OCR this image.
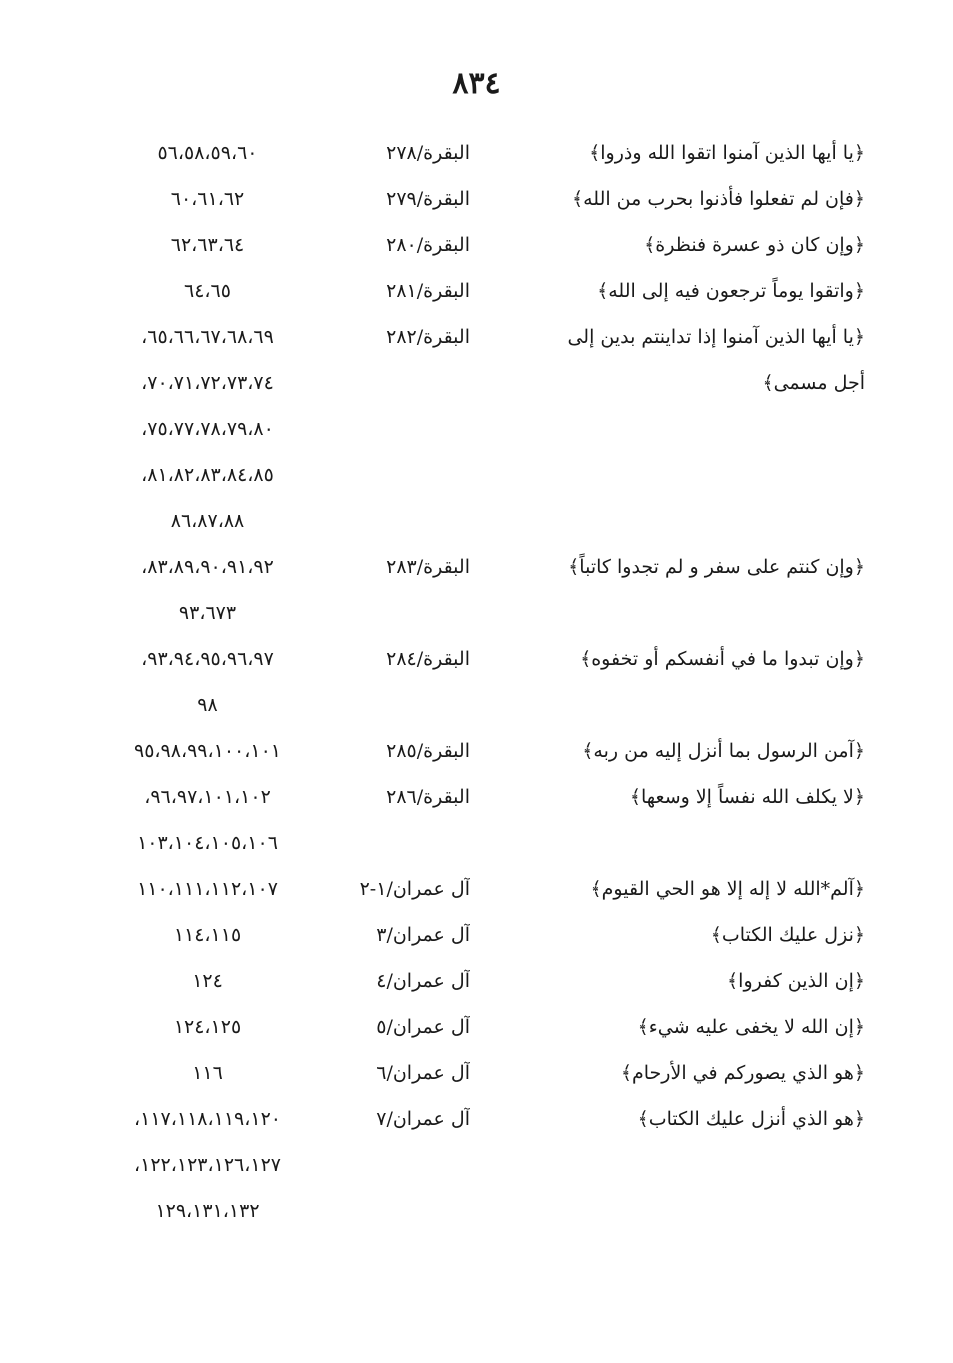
٨٣٤
﴿يا أيها الذين آمنوا اتقوا الله وذروا﴾
البقرة/٢٧٨
٥٦،٥٨،٥٩،٦٠
﴿فإن لم تفعلوا فأذنوا بحرب من الله﴾
البقرة/٢٧٩
٦٠،٦١،٦٢
﴿وإن كان ذو عسرة فنظرة﴾
البقرة/٢٨٠
٦٢،٦٣،٦٤
﴿واتقوا يوماً ترجعون فيه إلى الله﴾
البقرة/٢٨١
٦٤،٦٥
﴿يا أيها الذين آمنوا إذا تداينتم بدين إلى
أجل مسمى﴾
البقرة/٢٨٢
٦٥،٦٦،٦٧،٦٨،٦٩،
٧٠،٧١،٧٢،٧٣،٧٤،
٧٥،٧٧،٧٨،٧٩،٨٠،
٨١،٨٢،٨٣،٨٤،٨٥،
٨٦،٨٧،٨٨
﴿وإن كنتم على سفر و لم تجدوا كاتباً﴾
البقرة/٢٨٣
٨٣،٨٩،٩٠،٩١،٩٢،
٩٣،٦٧٣
﴿وإن تبدوا ما في أنفسكم أو تخفوه﴾
البقرة/٢٨٤
٩٣،٩٤،٩٥،٩٦،٩٧،
٩٨
﴿آمن الرسول بما أنزل إليه من ربه﴾
البقرة/٢٨٥
٩٥،٩٨،٩٩،١٠٠،١٠١
﴿لا يكلف الله نفساً إلا وسعها﴾
البقرة/٢٨٦
٩٦،٩٧،١٠١،١٠٢،
١٠٣،١٠٤،١٠٥،١٠٦
﴿آلم*الله لا إله إلا هو الحي القيوم﴾
آل عمران/١-٢
١١٠،١١١،١١٢،١٠٧
﴿نزل عليك الكتاب﴾
آل عمران/٣
١١٤،١١٥
﴿إن الذين كفروا﴾
آل عمران/٤
١٢٤
﴿إن الله لا يخفى عليه شيء﴾
آل عمران/٥
١٢٤،١٢٥
﴿هو الذي يصوركم في الأرحام﴾
آل عمران/٦
١١٦
﴿هو الذي أنزل عليك الكتاب﴾
آل عمران/٧
١١٧،١١٨،١١٩،١٢٠،
١٢٢،١٢٣،١٢٦،١٢٧،
١٢٩،١٣١،١٣٢
